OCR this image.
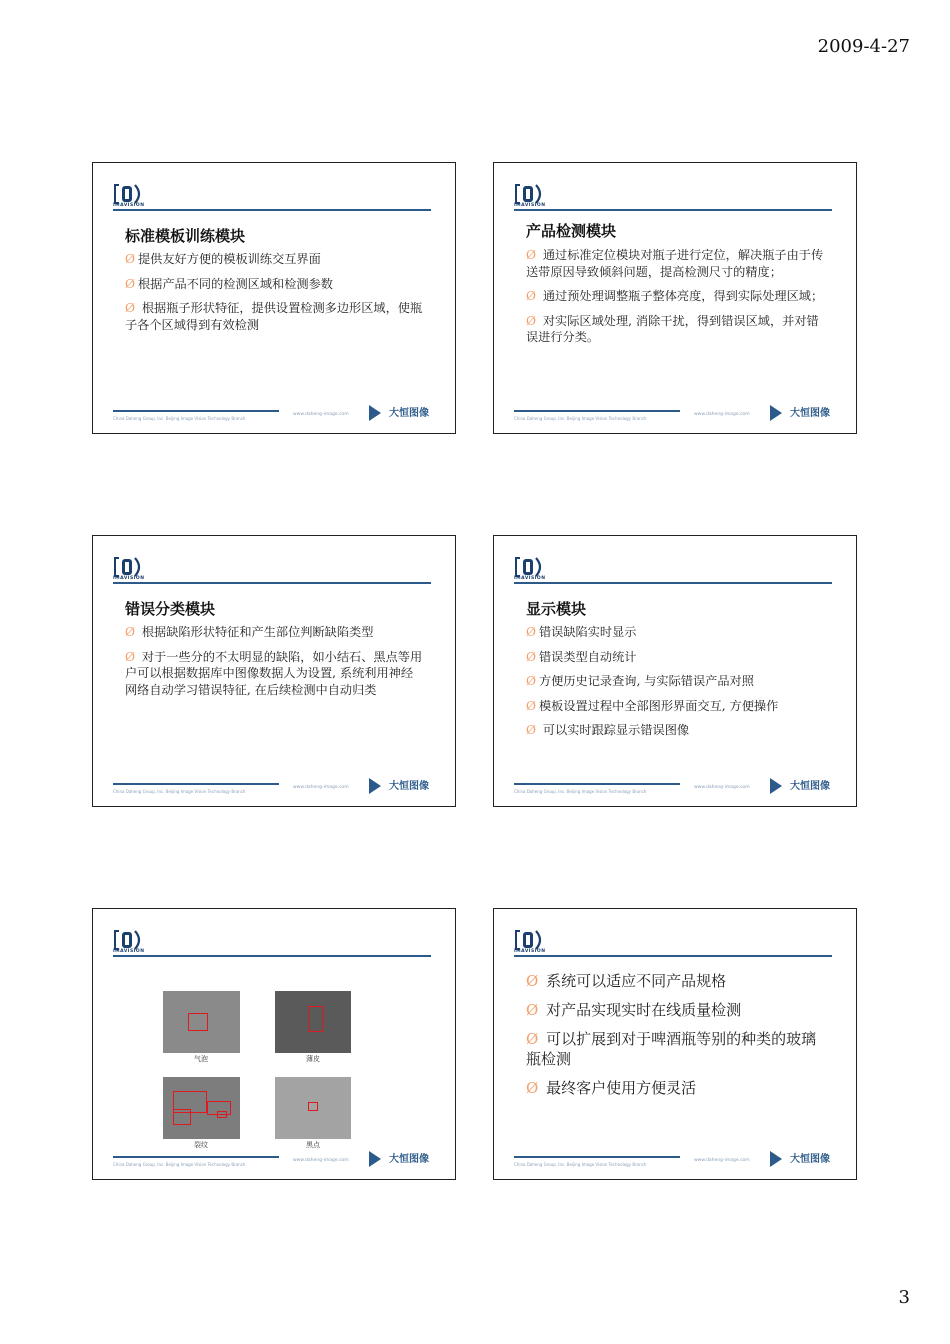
2009-4-27
IMAVISION
标准模板训练模块
Ø 提供友好方便的模板训练交互界面
Ø 根据产品不同的检测区域和检测参数
Ø 根据瓶子形状特征，提供设置检测多边形区域，使瓶子各个区域得到有效检测
China Daheng Group, Inc. Beijing Image Vision Technology Branch
www.daheng-image.com	大恒图像
IMAVISION
产品检测模块
Ø 通过标准定位模块对瓶子进行定位，解决瓶子由于传送带原因导致倾斜问题，提高检测尺寸的精度；
Ø 通过预处理调整瓶子整体亮度，得到实际处理区域；
Ø 对实际区域处理, 消除干扰，得到错误区域，并对错误进行分类。
China Daheng Group, Inc. Beijing Image Vision Technology Branch
www.daheng-image.com	大恒图像
IMAVISION
错误分类模块
Ø 根据缺陷形状特征和产生部位判断缺陷类型
Ø 对于一些分的不太明显的缺陷，如小结石、黑点等用户可以根据数据库中图像数据人为设置, 系统利用神经网络自动学习错误特征, 在后续检测中自动归类
China Daheng Group, Inc. Beijing Image Vision Technology Branch
www.daheng-image.com	大恒图像
IMAVISION
显示模块
Ø 错误缺陷实时显示
Ø 错误类型自动统计
Ø 方便历史记录查询, 与实际错误产品对照
Ø 模板设置过程中全部图形界面交互, 方便操作
Ø 可以实时跟踪显示错误图像
China Daheng Group, Inc. Beijing Image Vision Technology Branch
www.daheng-image.com	大恒图像
IMAVISION
气泡	薄皮
裂纹	黑点
China Daheng Group, Inc. Beijing Image Vision Technology Branch
www.daheng-image.com	大恒图像
IMAVISION
Ø 系统可以适应不同产品规格
Ø 对产品实现实时在线质量检测
Ø 可以扩展到对于啤酒瓶等别的种类的玻璃瓶检测
Ø 最终客户使用方便灵活
China Daheng Group, Inc. Beijing Image Vision Technology Branch
www.daheng-image.com	大恒图像
3
